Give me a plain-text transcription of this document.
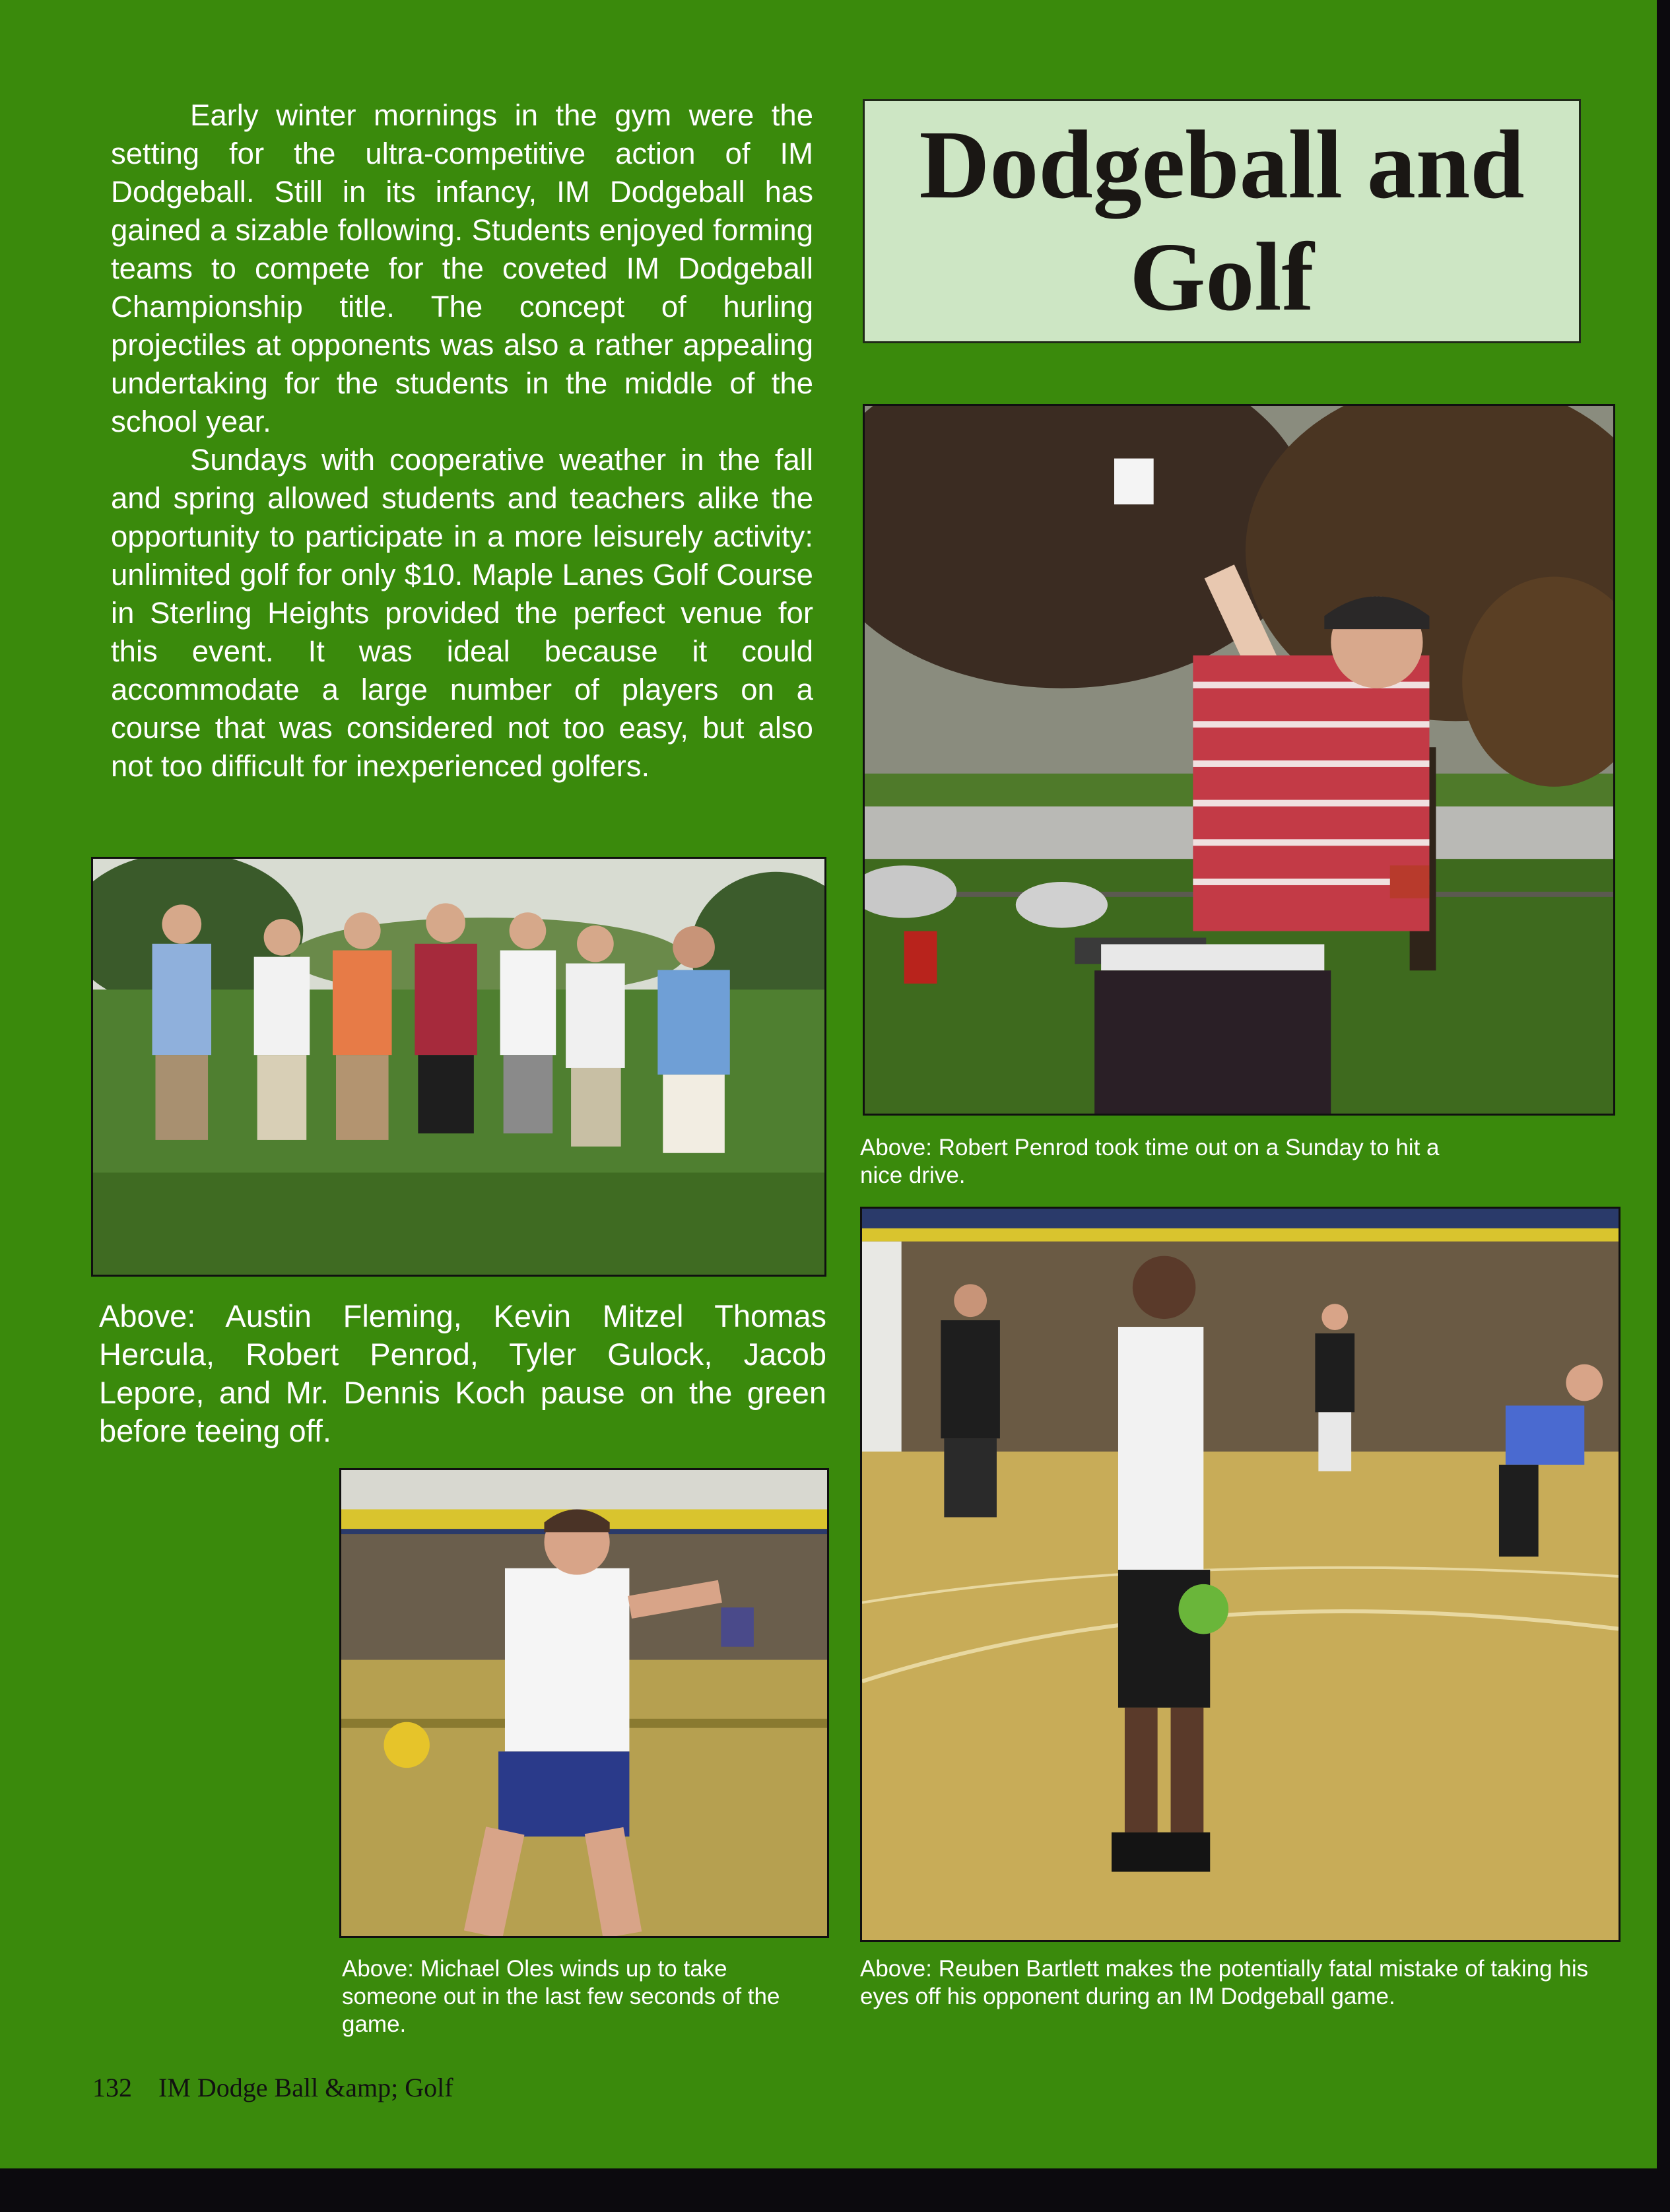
Early winter mornings in the gym were the setting for the ultra-competitive action of IM Dodgeball. Still in its infancy, IM Dodgeball has gained a sizable following. Students enjoyed forming teams to compete for the coveted IM Dodgeball Championship title. The concept of hurling projectiles at opponents was also a rather appealing undertaking for the students in the middle of the school year.

Sundays with cooperative weather in the fall and spring allowed students and teachers alike the opportunity to participate in a more leisurely activity: unlimited golf for only $10. Maple Lanes Golf Course in Sterling Heights provided the perfect venue for this event. It was ideal because it could accommodate a large number of players on a course that was considered not too easy, but also not too difficult for inexperienced golfers.

Dodgeball and
Golf

Above: Robert Penrod took time out on a Sunday to hit a nice drive.

Above: Austin Fleming, Kevin Mitzel Thomas Hercula, Robert Penrod, Tyler Gulock, Jacob Lepore, and Mr. Dennis Koch pause on the green before teeing off.

Above: Michael Oles winds up to take someone out in the last few seconds of the game.

Above: Reuben Bartlett makes the potentially fatal mistake of taking his eyes off his opponent during an IM Dodgeball game.

132 IM Dodge Ball &amp; Golf
